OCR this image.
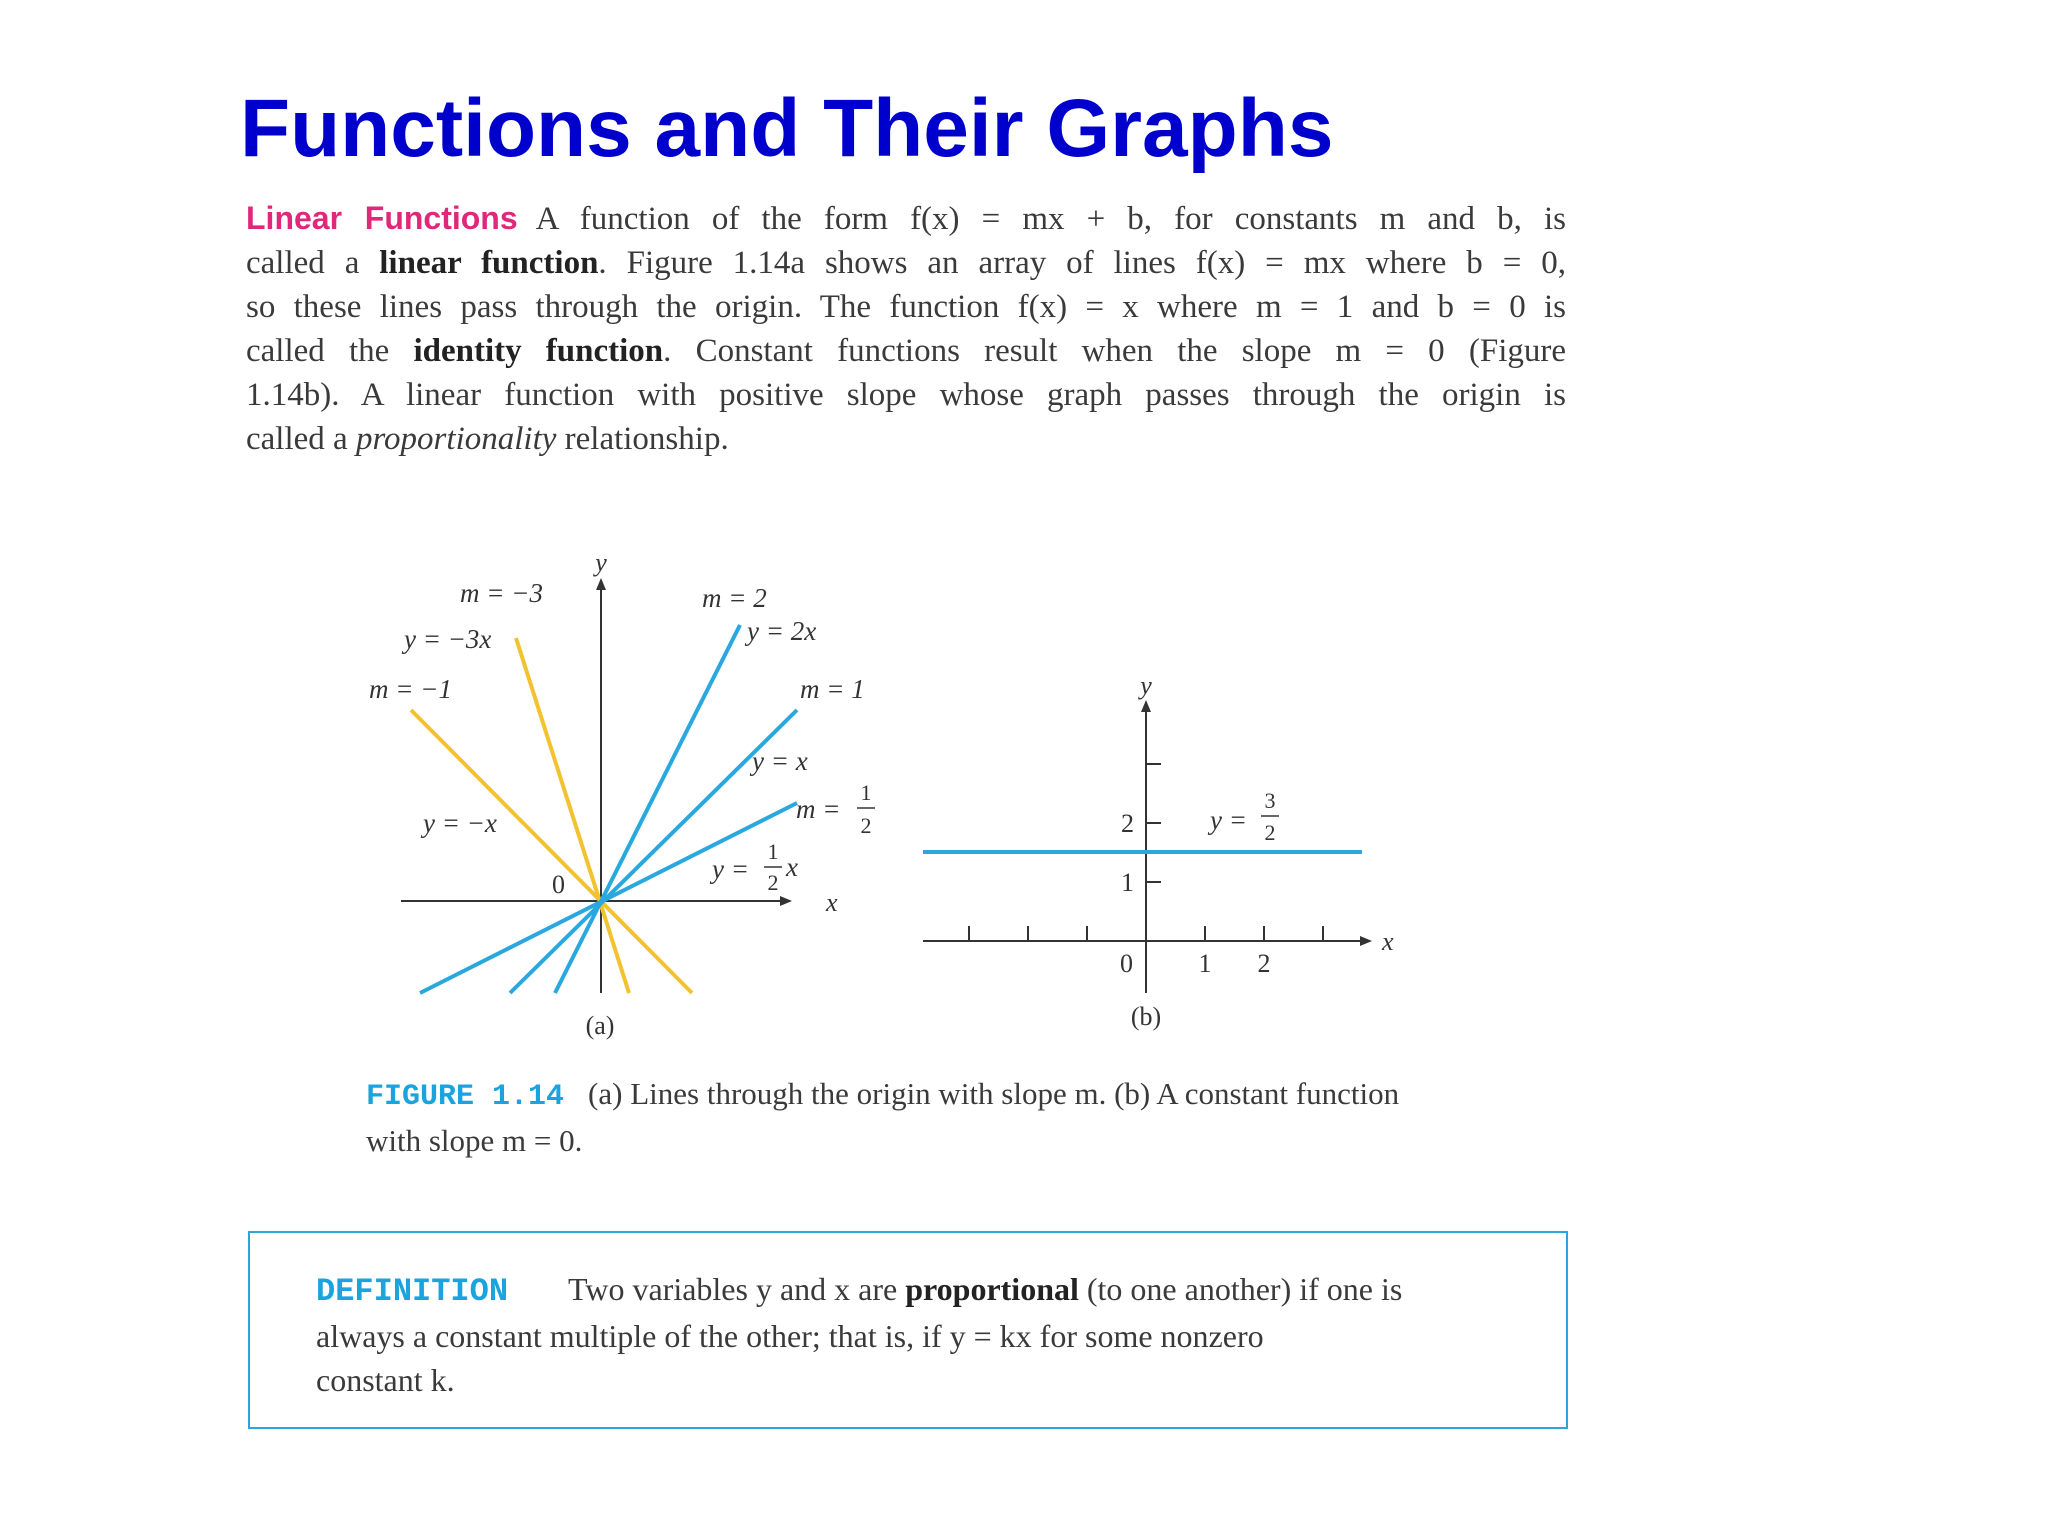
Functions and Their Graphs
Linear Functions A function of the form f(x) = mx + b, for constants m and b, is
called a linear function. Figure 1.14a shows an array of lines f(x) = mx where b = 0,
so these lines pass through the origin. The function f(x) = x where m = 1 and b = 0 is
called the identity function. Constant functions result when the slope m = 0 (Figure
1.14b). A linear function with positive slope whose graph passes through the origin is
called a proportionality relationship.
y
x
0
m = −3
y = −3x
m = −1
y = −x
m = 2
y = 2x
m = 1
y = x
m =
1
2
y =
1
2
x
(a)
y
x
0	1 2
1
2	y =
3
2
(b)
FIGURE 1.14 (a) Lines through the origin with slope m. (b) A constant function
with slope m = 0.
DEFINITION Two variables y and x are proportional (to one another) if one is
always a constant multiple of the other; that is, if y = kx for some nonzero
constant k.
